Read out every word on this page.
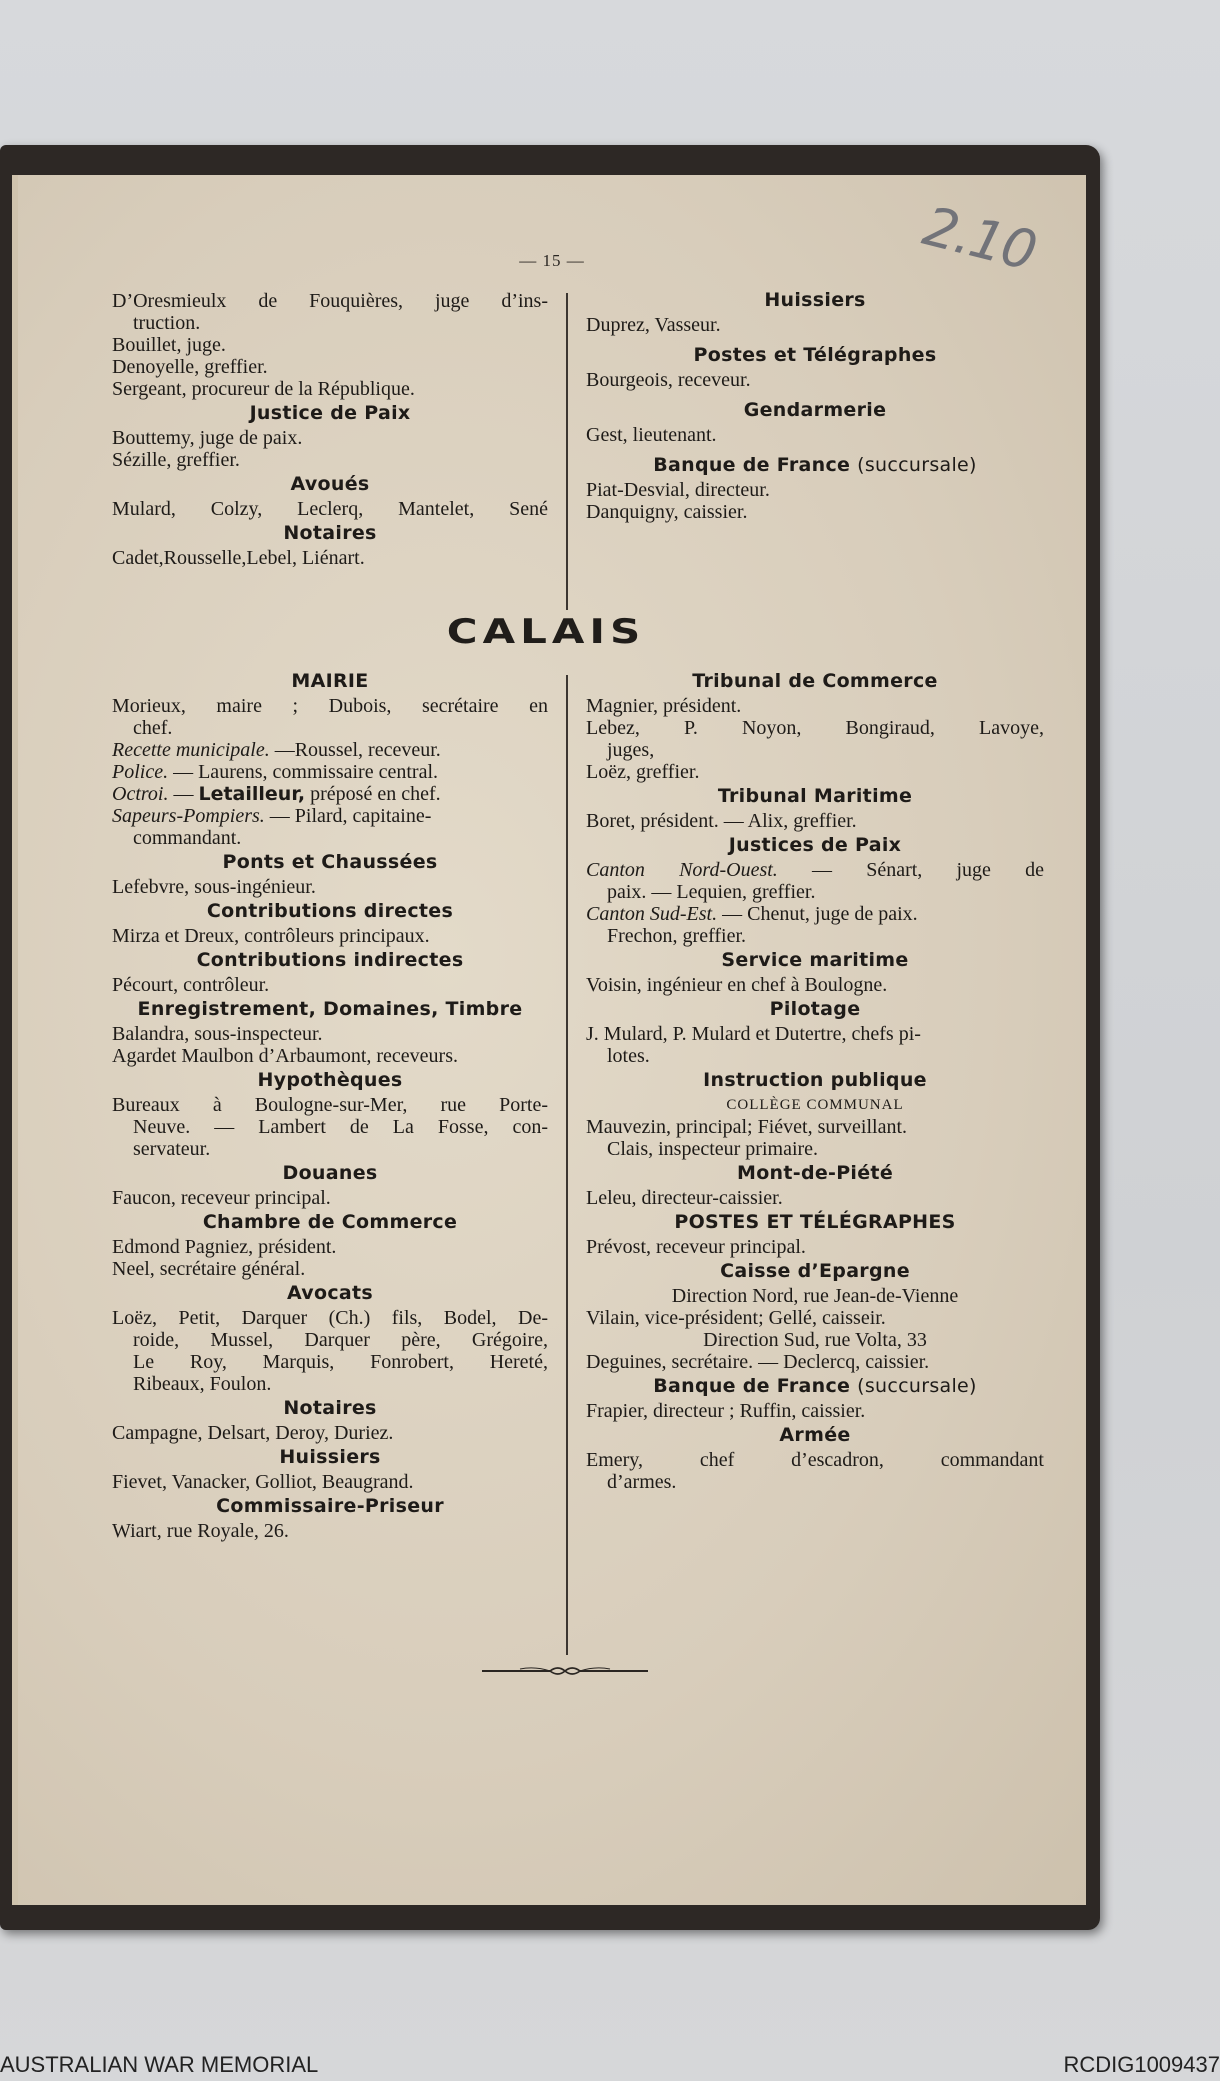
— 15 —	2.10

D’Oresmieulx de Fouquières, juge d’ins-

truction.

Bouillet, juge.

Denoyelle, greffier.

Sergeant, procureur de la République.

Justice de Paix

Bouttemy, juge de paix.

Sézille, greffier.

Avoués

Mulard, Colzy, Leclerq, Mantelet, Sené

Notaires

Cadet,Rousselle,Lebel, Liénart.

Huissiers

Duprez, Vasseur.

Postes et Télégraphes

Bourgeois, receveur.

Gendarmerie

Gest, lieutenant.

Banque de France (succursale)

Piat-Desvial, directeur.

Danquigny, caissier.

CALAIS

MAIRIE

Morieux, maire ; Dubois, secrétaire en

chef.

Recette municipale. —Roussel, receveur.

Police. — Laurens, commissaire central.

Octroi. — Letailleur, préposé en chef.

Sapeurs-Pompiers. — Pilard, capitaine-

commandant.

Ponts et Chaussées

Lefebvre, sous-ingénieur.

Contributions directes

Mirza et Dreux, contrôleurs principaux.

Contributions indirectes

Pécourt, contrôleur.

Enregistrement, Domaines, Timbre

Balandra, sous-inspecteur.

Agardet Maulbon d’Arbaumont, receveurs.

Hypothèques

Bureaux à Boulogne-sur-Mer, rue Porte-

Neuve. — Lambert de La Fosse, con-

servateur.

Douanes

Faucon, receveur principal.

Chambre de Commerce

Edmond Pagniez, président.

Neel, secrétaire général.

Avocats

Loëz, Petit, Darquer (Ch.) fils, Bodel, De-

roide, Mussel, Darquer père, Grégoire,

Le Roy, Marquis, Fonrobert, Hereté,

Ribeaux, Foulon.

Notaires

Campagne, Delsart, Deroy, Duriez.

Huissiers

Fievet, Vanacker, Golliot, Beaugrand.

Commissaire-Priseur

Wiart, rue Royale, 26.

Tribunal de Commerce

Magnier, président.

Lebez, P. Noyon, Bongiraud, Lavoye,

juges,

Loëz, greffier.

Tribunal Maritime

Boret, président. — Alix, greffier.

Justices de Paix

Canton Nord-Ouest. — Sénart, juge de

paix. — Lequien, greffier.

Canton Sud-Est. — Chenut, juge de paix.

Frechon, greffier.

Service maritime

Voisin, ingénieur en chef à Boulogne.

Pilotage

J. Mulard, P. Mulard et Dutertre, chefs pi-

lotes.

Instruction publique

COLLÈGE COMMUNAL

Mauvezin, principal; Fiévet, surveillant.

Clais, inspecteur primaire.

Mont-de-Piété

Leleu, directeur-caissier.

POSTES ET TÉLÉGRAPHES

Prévost, receveur principal.

Caisse d’Epargne

Direction Nord, rue Jean-de-Vienne

Vilain, vice-président; Gellé, caisseir.

Direction Sud, rue Volta, 33

Deguines, secrétaire. — Declercq, caissier.

Banque de France (succursale)

Frapier, directeur ; Ruffin, caissier.

Armée

Emery, chef d’escadron, commandant

d’armes.

AUSTRALIAN WAR MEMORIAL	RCDIG1009437
